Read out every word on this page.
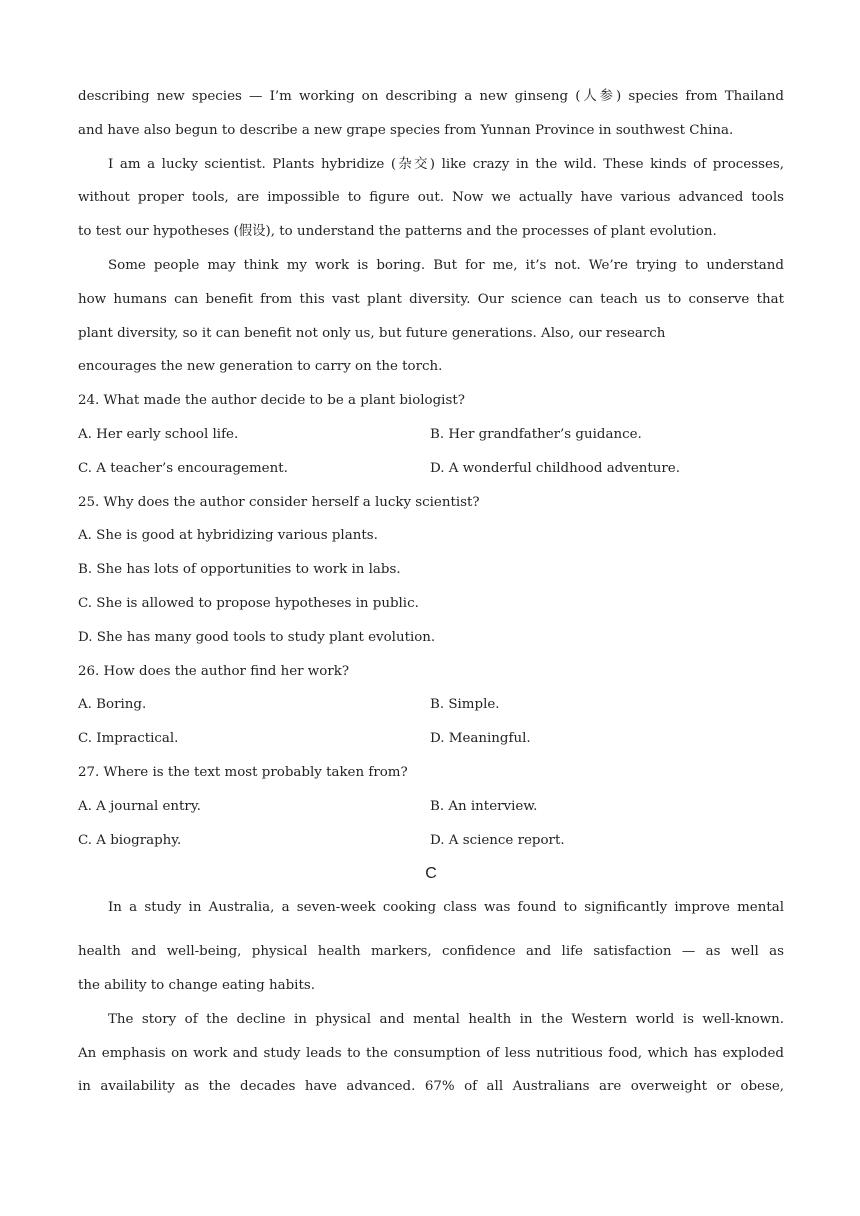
describing new species — I’m working on describing a new ginseng (人参) species from Thailand
and have also begun to describe a new grape species from Yunnan Province in southwest China.
I am a lucky scientist. Plants hybridize (杂交) like crazy in the wild. These kinds of processes,
without proper tools, are impossible to figure out. Now we actually have various advanced tools
to test our hypotheses (假设), to understand the patterns and the processes of plant evolution.
Some people may think my work is boring. But for me, it’s not. We’re trying to understand
how humans can benefit from this vast plant diversity. Our science can teach us to conserve that
plant diversity, so it can benefit not only us, but future generations. Also, our research
encourages the new generation to carry on the torch.
24. What made the author decide to be a plant biologist?
A. Her early school life.	B. Her grandfather’s guidance.
C. A teacher’s encouragement.	D. A wonderful childhood adventure.
25. Why does the author consider herself a lucky scientist?
A. She is good at hybridizing various plants.
B. She has lots of opportunities to work in labs.
C. She is allowed to propose hypotheses in public.
D. She has many good tools to study plant evolution.
26. How does the author find her work?
A. Boring.	B. Simple.
C. Impractical.	D. Meaningful.
27. Where is the text most probably taken from?
A. A journal entry.	B. An interview.
C. A biography.	D. A science report.
C
In a study in Australia, a seven-week cooking class was found to significantly improve mental
health and well-being, physical health markers, confidence and life satisfaction — as well as
the ability to change eating habits.
The story of the decline in physical and mental health in the Western world is well-known.
An emphasis on work and study leads to the consumption of less nutritious food, which has exploded
in availability as the decades have advanced. 67% of all Australians are overweight or obese,
